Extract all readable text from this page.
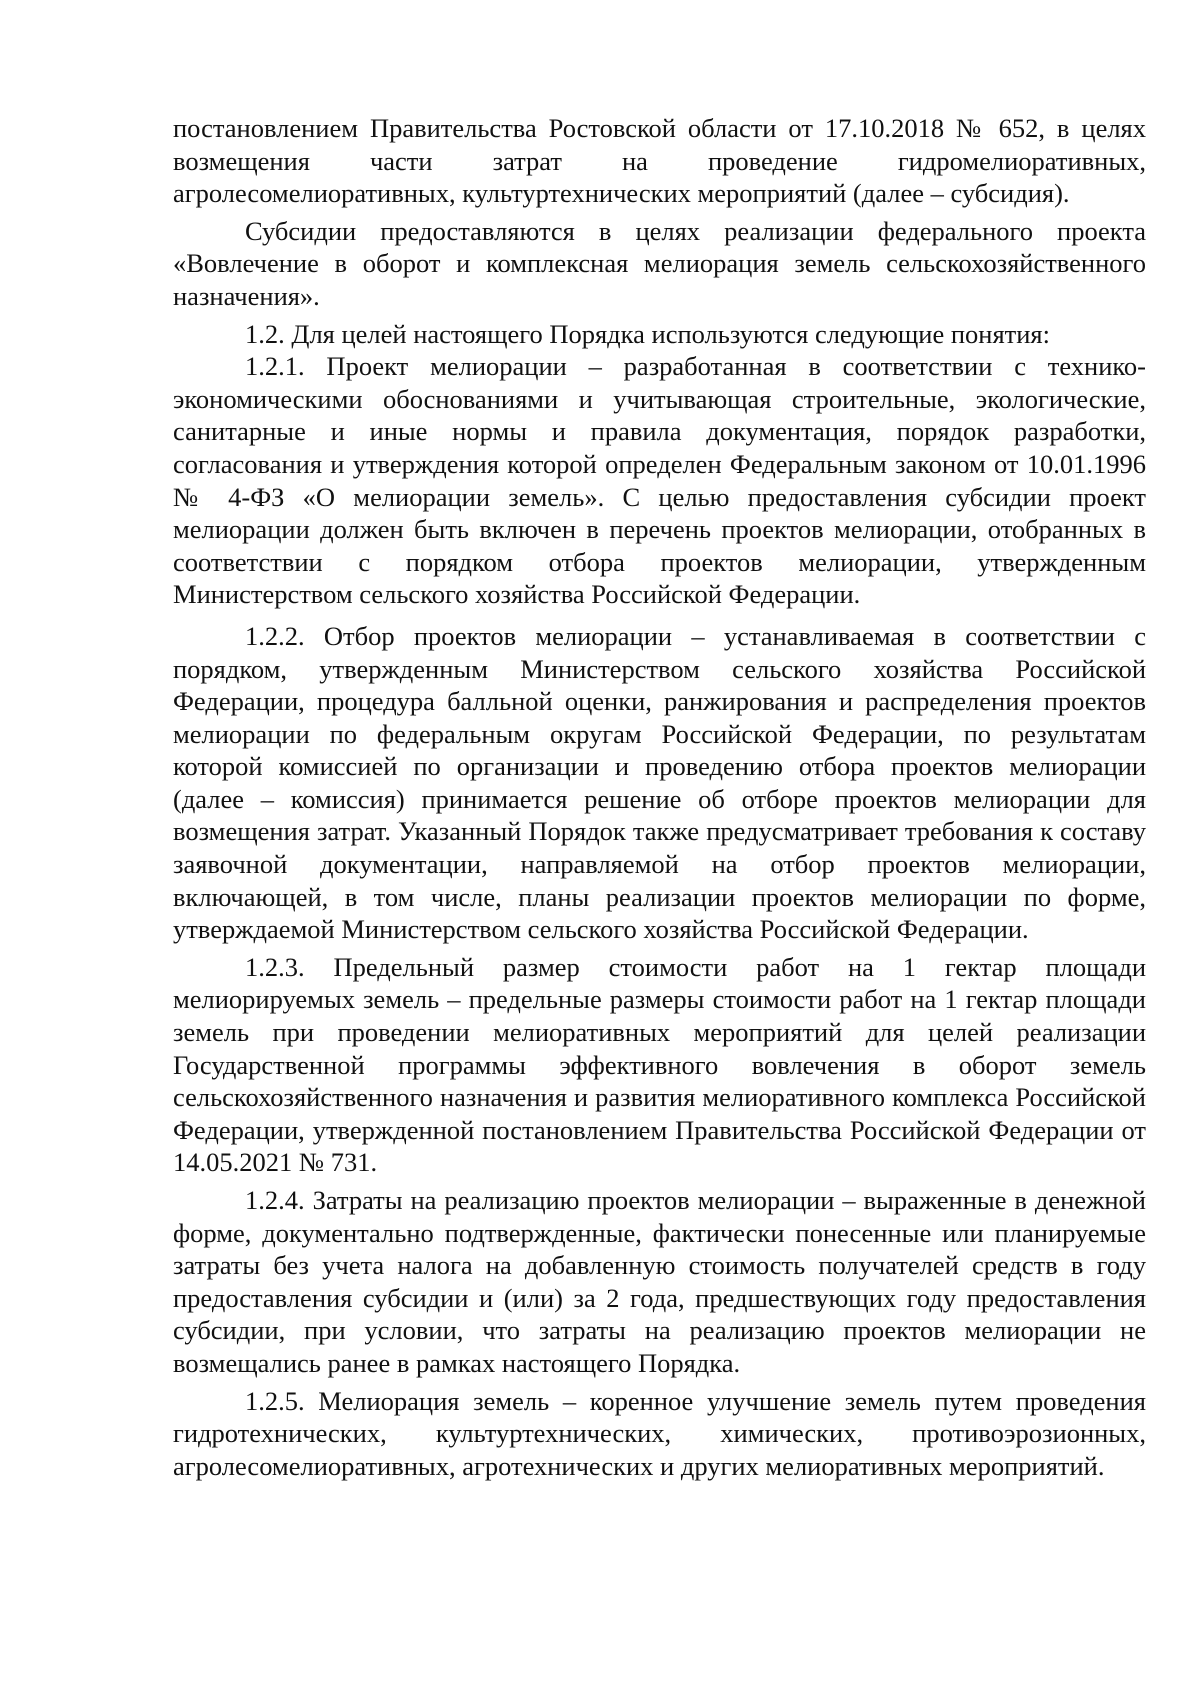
постановлением Правительства Ростовской области от 17.10.2018 № 652, в целях возмещения части затрат на проведение гидромелиоративных, агролесомелиоративных, культуртехнических мероприятий (далее – субсидия).

Субсидии предоставляются в целях реализации федерального проекта «Вовлечение в оборот и комплексная мелиорация земель сельскохозяйственного назначения».

1.2. Для целей настоящего Порядка используются следующие понятия:

1.2.1. Проект мелиорации – разработанная в соответствии с технико-экономическими обоснованиями и учитывающая строительные, экологические, санитарные и иные нормы и правила документация, порядок разработки, согласования и утверждения которой определен Федеральным законом от 10.01.1996 № 4-ФЗ «О мелиорации земель». С целью предоставления субсидии проект мелиорации должен быть включен в перечень проектов мелиорации, отобранных в соответствии с порядком отбора проектов мелиорации, утвержденным Министерством сельского хозяйства Российской Федерации.

1.2.2. Отбор проектов мелиорации – устанавливаемая в соответствии с порядком, утвержденным Министерством сельского хозяйства Российской Федерации, процедура балльной оценки, ранжирования и распределения проектов мелиорации по федеральным округам Российской Федерации, по результатам которой комиссией по организации и проведению отбора проектов мелиорации (далее – комиссия) принимается решение об отборе проектов мелиорации для возмещения затрат. Указанный Порядок также предусматривает требования к составу заявочной документации, направляемой на отбор проектов мелиорации, включающей, в том числе, планы реализации проектов мелиорации по форме, утверждаемой Министерством сельского хозяйства Российской Федерации.

1.2.3. Предельный размер стоимости работ на 1 гектар площади мелиорируемых земель – предельные размеры стоимости работ на 1 гектар площади земель при проведении мелиоративных мероприятий для целей реализации Государственной программы эффективного вовлечения в оборот земель сельскохозяйственного назначения и развития мелиоративного комплекса Российской Федерации, утвержденной постановлением Правительства Российской Федерации от 14.05.2021 № 731.

1.2.4. Затраты на реализацию проектов мелиорации – выраженные в денежной форме, документально подтвержденные, фактически понесенные или планируемые затраты без учета налога на добавленную стоимость получателей средств в году предоставления субсидии и (или) за 2 года, предшествующих году предоставления субсидии, при условии, что затраты на реализацию проектов мелиорации не возмещались ранее в рамках настоящего Порядка.

1.2.5. Мелиорация земель – коренное улучшение земель путем проведения гидротехнических, культуртехнических, химических, противоэрозионных, агролесомелиоративных, агротехнических и других мелиоративных мероприятий.
